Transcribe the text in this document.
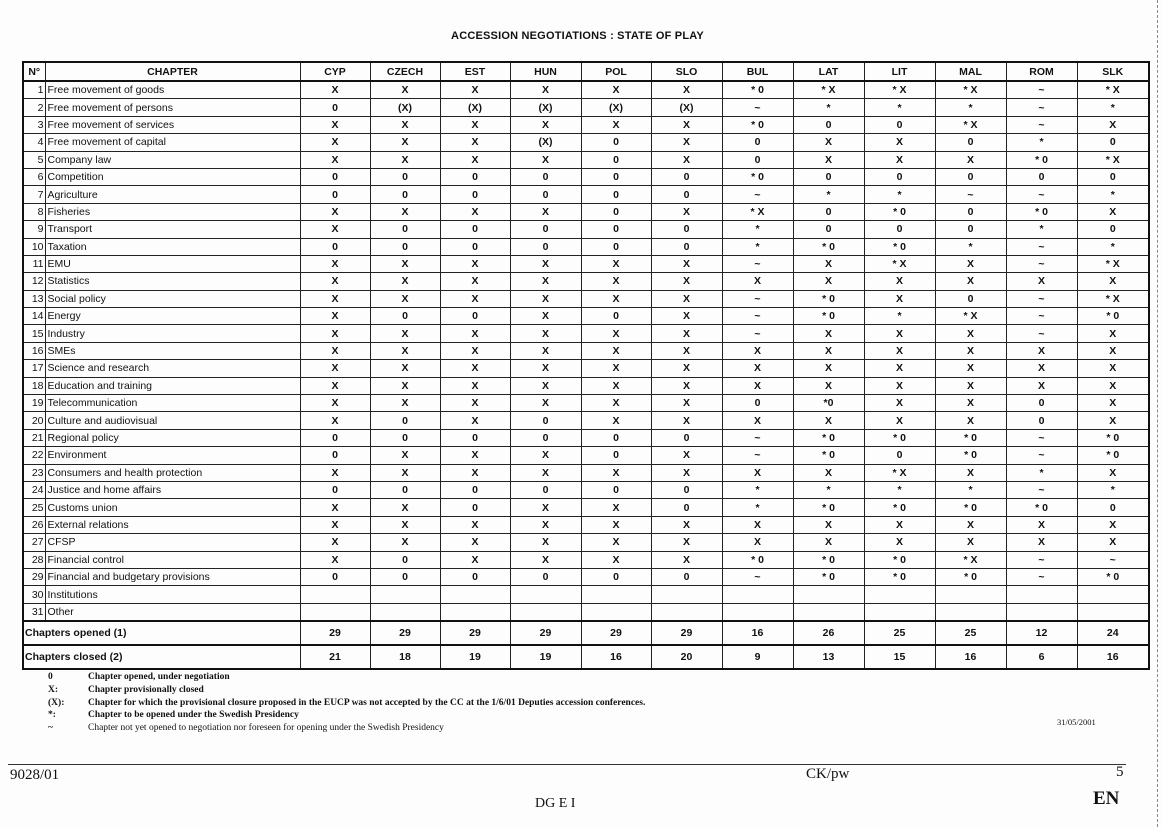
ACCESSION NEGOTIATIONS : STATE OF PLAY
N°	CHAPTER	CYP	CZECH	EST	HUN	POL	SLO	BUL	LAT	LIT	MAL	ROM	SLK
1	Free movement of goods	X	X	X	X	X	X	* 0	* X	* X	* X	~	* X
2	Free movement of persons	0	(X)	(X)	(X)	(X)	(X)	~	*	*	*	~	*
3	Free movement of services	X	X	X	X	X	X	* 0	0	0	* X	~	X
4	Free movement of capital	X	X	X	(X)	0	X	0	X	X	0	*	0
5	Company law	X	X	X	X	0	X	0	X	X	X	* 0	* X
6	Competition	0	0	0	0	0	0	* 0	0	0	0	0	0
7	Agriculture	0	0	0	0	0	0	~	*	*	~	~	*
8	Fisheries	X	X	X	X	0	X	* X	0	* 0	0	* 0	X
9	Transport	X	0	0	0	0	0	*	0	0	0	*	0
10	Taxation	0	0	0	0	0	0	*	* 0	* 0	*	~	*
11	EMU	X	X	X	X	X	X	~	X	* X	X	~	* X
12	Statistics	X	X	X	X	X	X	X	X	X	X	X	X
13	Social policy	X	X	X	X	X	X	~	* 0	X	0	~	* X
14	Energy	X	0	0	X	0	X	~	* 0	*	* X	~	* 0
15	Industry	X	X	X	X	X	X	~	X	X	X	~	X
16	SMEs	X	X	X	X	X	X	X	X	X	X	X	X
17	Science and research	X	X	X	X	X	X	X	X	X	X	X	X
18	Education and training	X	X	X	X	X	X	X	X	X	X	X	X
19	Telecommunication	X	X	X	X	X	X	0	*0	X	X	0	X
20	Culture and audiovisual	X	0	X	0	X	X	X	X	X	X	0	X
21	Regional policy	0	0	0	0	0	0	~	* 0	* 0	* 0	~	* 0
22	Environment	0	X	X	X	0	X	~	* 0	0	* 0	~	* 0
23	Consumers and health protection	X	X	X	X	X	X	X	X	* X	X	*	X
24	Justice and home affairs	0	0	0	0	0	0	*	*	*	*	~	*
25	Customs union	X	X	0	X	X	0	*	* 0	* 0	* 0	* 0	0
26	External relations	X	X	X	X	X	X	X	X	X	X	X	X
27	CFSP	X	X	X	X	X	X	X	X	X	X	X	X
28	Financial control	X	0	X	X	X	X	* 0	* 0	* 0	* X	~	~
29	Financial and budgetary provisions	0	0	0	0	0	0	~	* 0	* 0	* 0	~	* 0
30	Institutions												
31	Other												
Chapters opened (1)		29	29	29	29	29	29	16	26	25	25	12	24
Chapters closed (2)		21	18	19	19	16	20	9	13	15	16	6	16
0	Chapter opened, under negotiation
X:	Chapter provisionally closed
(X):	Chapter for which the provisional closure proposed in the EUCP was not accepted by the CC at the 1/6/01 Deputies accession conferences.
*:	Chapter to be opened under the Swedish Presidency
~	Chapter not yet opened to negotiation nor foreseen for opening under the Swedish Presidency
31/05/2001
9028/01	CK/pw	5
DG E I	EN
